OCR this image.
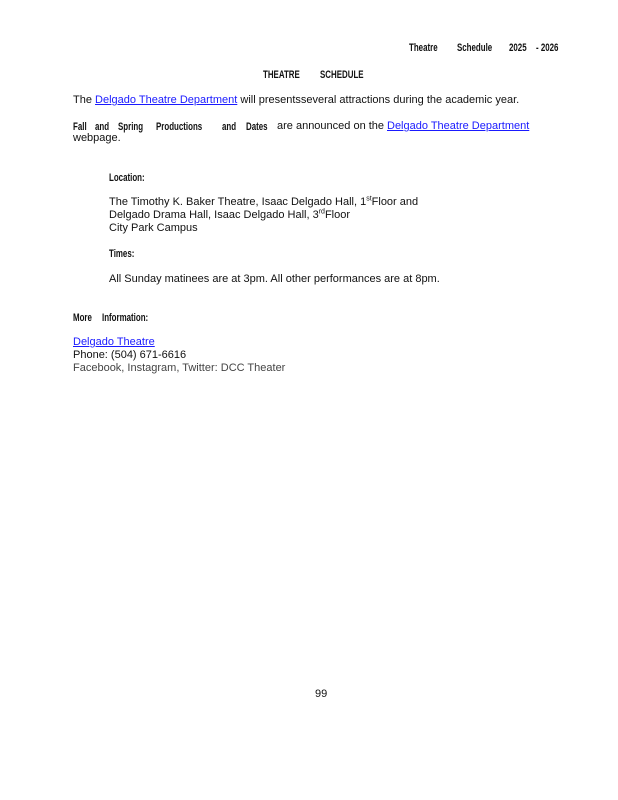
Theatre Schedule 2025 - 2026
THEATRE SCHEDULE
The Delgado Theatre Department will presentsseveral attractions during the academic year.
Fall and Spring Productions and Dates are announced on the Delgado Theatre Department
webpage.
Location:
The Timothy K. Baker Theatre, Isaac Delgado Hall, 1stFloor and
Delgado Drama Hall, Isaac Delgado Hall, 3rdFloor
City Park Campus
Times:
All Sunday matinees are at 3pm. All other performances are at 8pm.
More Information:
Delgado Theatre
Phone: (504) 671-6616
Facebook, Instagram, Twitter: DCC Theater
99
